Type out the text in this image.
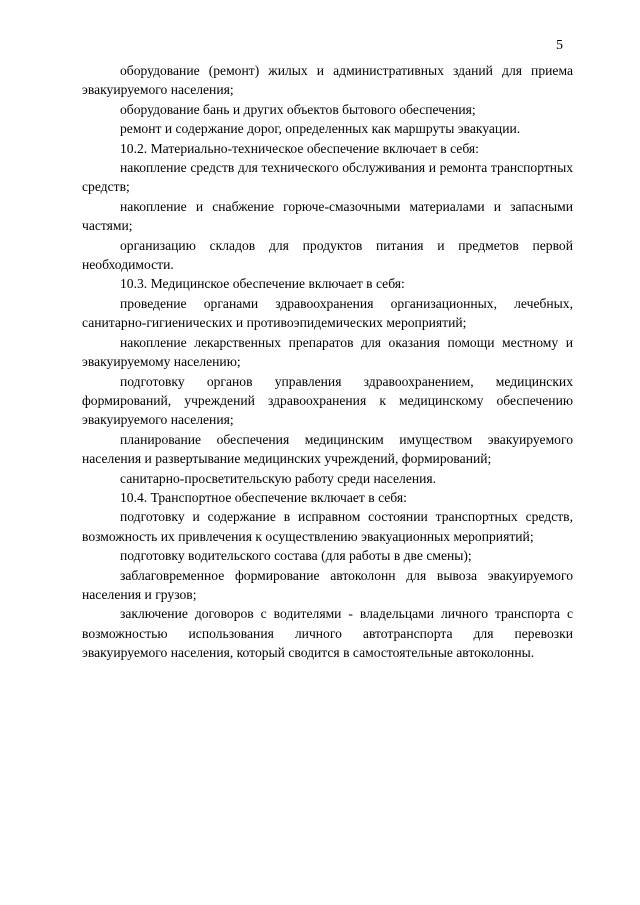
5

оборудование (ремонт) жилых и административных зданий для приема эвакуируемого населения;

оборудование бань и других объектов бытового обеспечения;

ремонт и содержание дорог, определенных как маршруты эвакуации.

10.2. Материально-техническое обеспечение включает в себя:

накопление средств для технического обслуживания и ремонта транспортных средств;

накопление и снабжение горюче-смазочными материалами и запасными частями;

организацию складов для продуктов питания и предметов первой необходимости.

10.3. Медицинское обеспечение включает в себя:

проведение органами здравоохранения организационных, лечебных, санитарно-гигиенических и противоэпидемических мероприятий;

накопление лекарственных препаратов для оказания помощи местному и эвакуируемому населению;

подготовку органов управления здравоохранением, медицинских формирований, учреждений здравоохранения к медицинскому обеспечению эвакуируемого населения;

планирование обеспечения медицинским имуществом эвакуируемого населения и развертывание медицинских учреждений, формирований;

санитарно-просветительскую работу среди населения.

10.4. Транспортное обеспечение включает в себя:

подготовку и содержание в исправном состоянии транспортных средств, возможность их привлечения к осуществлению эвакуационных мероприятий;

подготовку водительского состава (для работы в две смены);

заблаговременное формирование автоколонн для вывоза эвакуируемого населения и грузов;

заключение договоров с водителями - владельцами личного транспорта с возможностью использования личного автотранспорта для перевозки эвакуируемого населения, который сводится в самостоятельные автоколонны.
